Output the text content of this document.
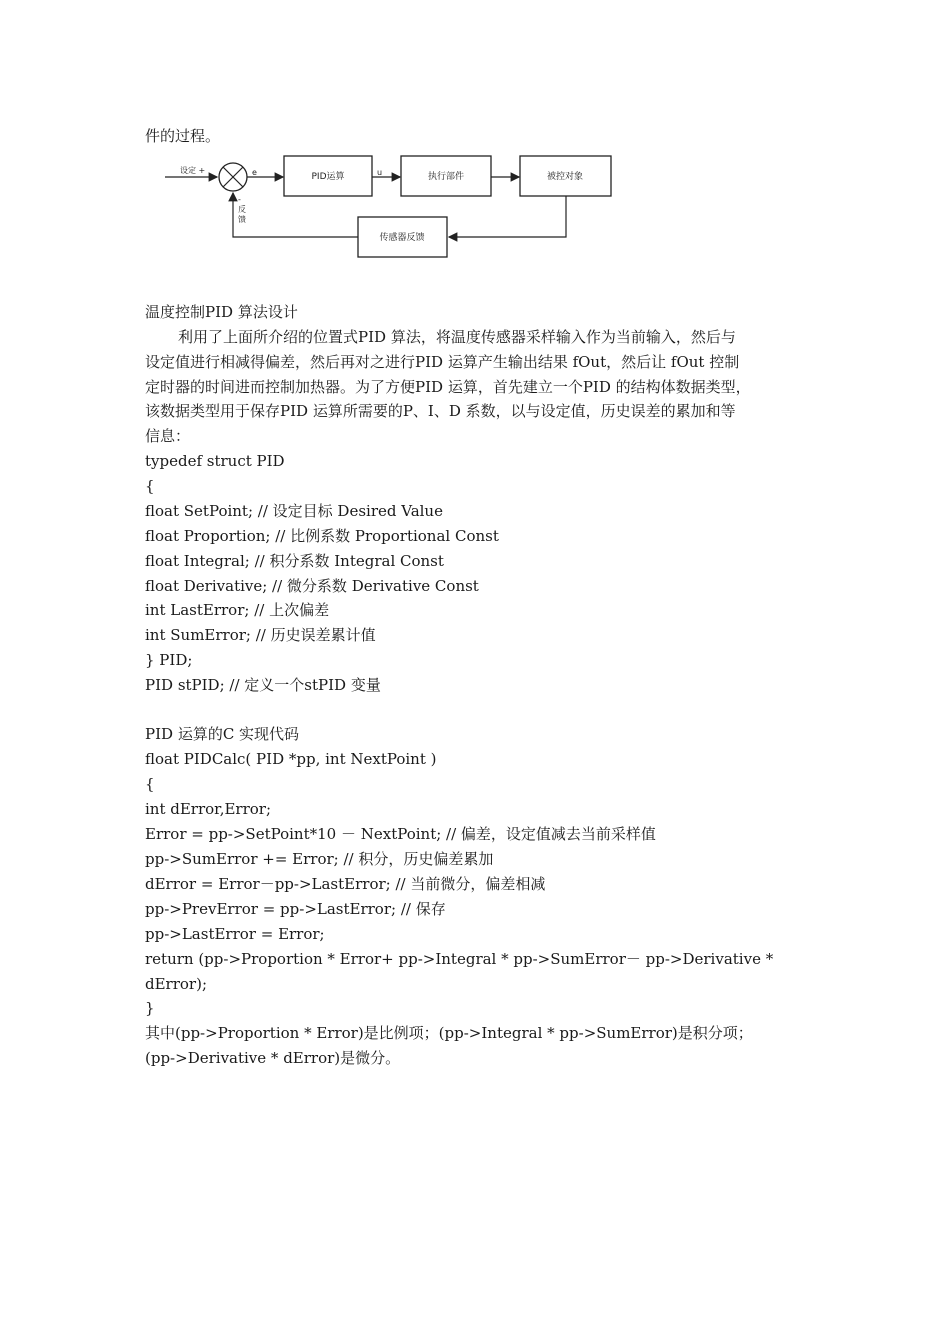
件的过程。
设定 +	e	PID运算	u	执行部件	被控对象
传感器反馈
-
反
馈
温度控制PID 算法设计
利用了上面所介绍的位置式PID 算法，将温度传感器采样输入作为当前输入，然后与
设定值进行相减得偏差，然后再对之进行PID 运算产生输出结果 fOut，然后让 fOut 控制
定时器的时间进而控制加热器。为了方便PID 运算，首先建立一个PID 的结构体数据类型，
该数据类型用于保存PID 运算所需要的P、I、D 系数，以与设定值，历史误差的累加和等
信息：
typedef struct PID
{
float SetPoint; // 设定目标 Desired Value
float Proportion; // 比例系数 Proportional Const
float Integral; // 积分系数 Integral Const
float Derivative; // 微分系数 Derivative Const
int LastError; // 上次偏差
int SumError; // 历史误差累计值
} PID;
PID stPID; // 定义一个stPID 变量
PID 运算的C 实现代码
float PIDCalc( PID *pp, int NextPoint )
{
int dError,Error;
Error = pp->SetPoint*10 － NextPoint; // 偏差，设定值减去当前采样值
pp->SumError += Error; // 积分，历史偏差累加
dError = Error－pp->LastError; // 当前微分，偏差相减
pp->PrevError = pp->LastError; // 保存
pp->LastError = Error;
return (pp->Proportion * Error+ pp->Integral * pp->SumError－ pp->Derivative *
dError);
}
其中(pp->Proportion * Error)是比例项；(pp->Integral * pp->SumError)是积分项；
(pp->Derivative * dError)是微分。
